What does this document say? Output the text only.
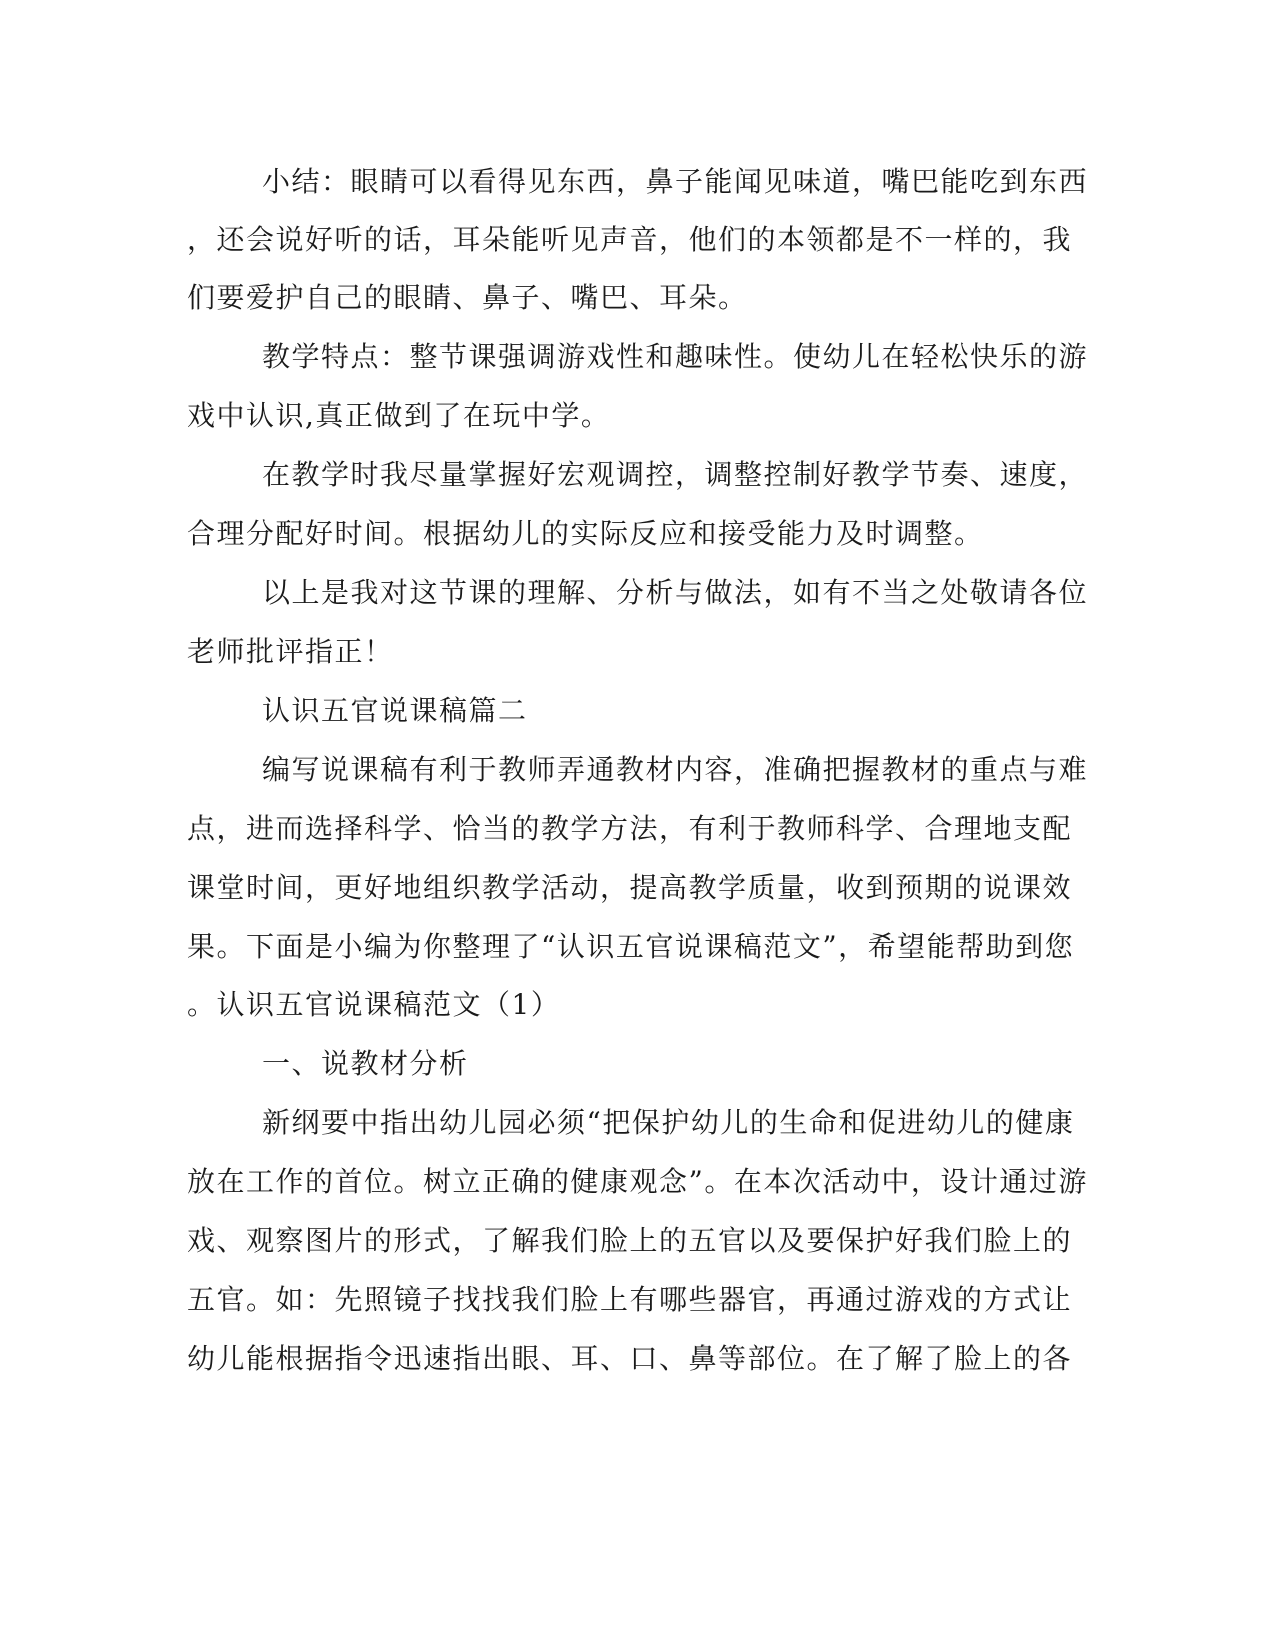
小结：眼睛可以看得见东西，鼻子能闻见味道，嘴巴能吃到东西
，还会说好听的话，耳朵能听见声音，他们的本领都是不一样的，我
们要爱护自己的眼睛、鼻子、嘴巴、耳朵。
教学特点：整节课强调游戏性和趣味性。使幼儿在轻松快乐的游
戏中认识,真正做到了在玩中学。
在教学时我尽量掌握好宏观调控，调整控制好教学节奏、速度，
合理分配好时间。根据幼儿的实际反应和接受能力及时调整。
以上是我对这节课的理解、分析与做法，如有不当之处敬请各位
老师批评指正！
认识五官说课稿篇二
编写说课稿有利于教师弄通教材内容，准确把握教材的重点与难
点，进而选择科学、恰当的教学方法，有利于教师科学、合理地支配
课堂时间，更好地组织教学活动，提高教学质量，收到预期的说课效
果。下面是小编为你整理了“认识五官说课稿范文”，希望能帮助到您
。认识五官说课稿范文（1）
一、说教材分析
新纲要中指出幼儿园必须“把保护幼儿的生命和促进幼儿的健康
放在工作的首位。树立正确的健康观念”。在本次活动中，设计通过游
戏、观察图片的形式，了解我们脸上的五官以及要保护好我们脸上的
五官。如：先照镜子找找我们脸上有哪些器官，再通过游戏的方式让
幼儿能根据指令迅速指出眼、耳、口、鼻等部位。在了解了脸上的各
